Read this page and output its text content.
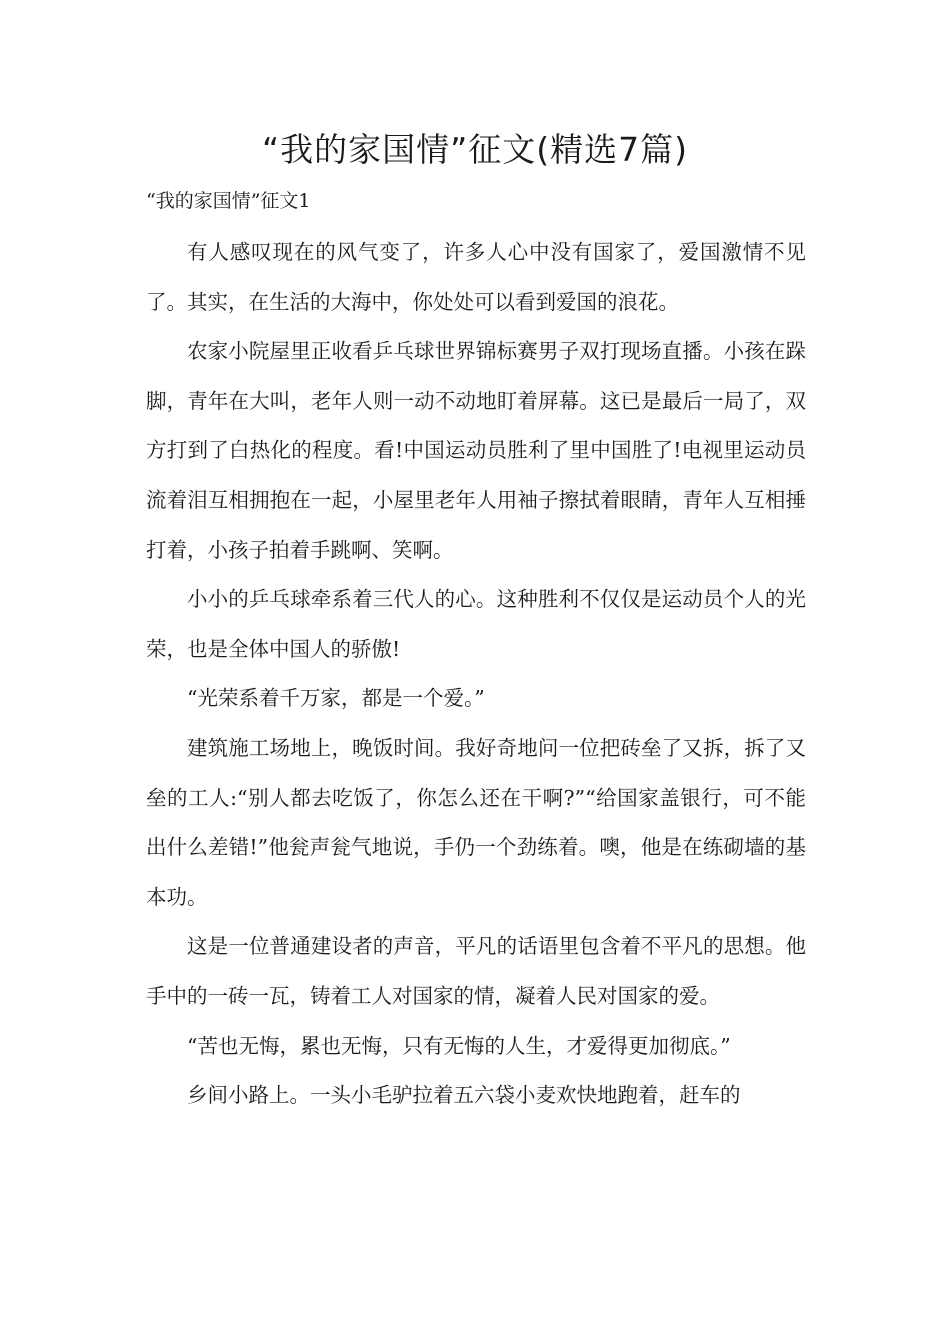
“我的家国情”征文(精选7篇)
“我的家国情”征文1

有人感叹现在的风气变了，许多人心中没有国家了，爱国激情不见了。其实，在生活的大海中，你处处可以看到爱国的浪花。

农家小院屋里正收看乒乓球世界锦标赛男子双打现场直播。小孩在跺脚，青年在大叫，老年人则一动不动地盯着屏幕。这已是最后一局了，双方打到了白热化的程度。看!中国运动员胜利了里中国胜了!电视里运动员流着泪互相拥抱在一起，小屋里老年人用袖子擦拭着眼睛，青年人互相捶打着，小孩子拍着手跳啊、笑啊。

小小的乒乓球牵系着三代人的心。这种胜利不仅仅是运动员个人的光荣，也是全体中国人的骄傲!

“光荣系着千万家，都是一个爱。”

建筑施工场地上，晚饭时间。我好奇地问一位把砖垒了又拆，拆了又垒的工人:“别人都去吃饭了，你怎么还在干啊?”“给国家盖银行，可不能出什么差错!”他瓮声瓮气地说，手仍一个劲练着。噢，他是在练砌墙的基本功。

这是一位普通建设者的声音，平凡的话语里包含着不平凡的思想。他手中的一砖一瓦，铸着工人对国家的情，凝着人民对国家的爱。

“苦也无悔，累也无悔，只有无悔的人生，才爱得更加彻底。”

乡间小路上。一头小毛驴拉着五六袋小麦欢快地跑着，赶车的
